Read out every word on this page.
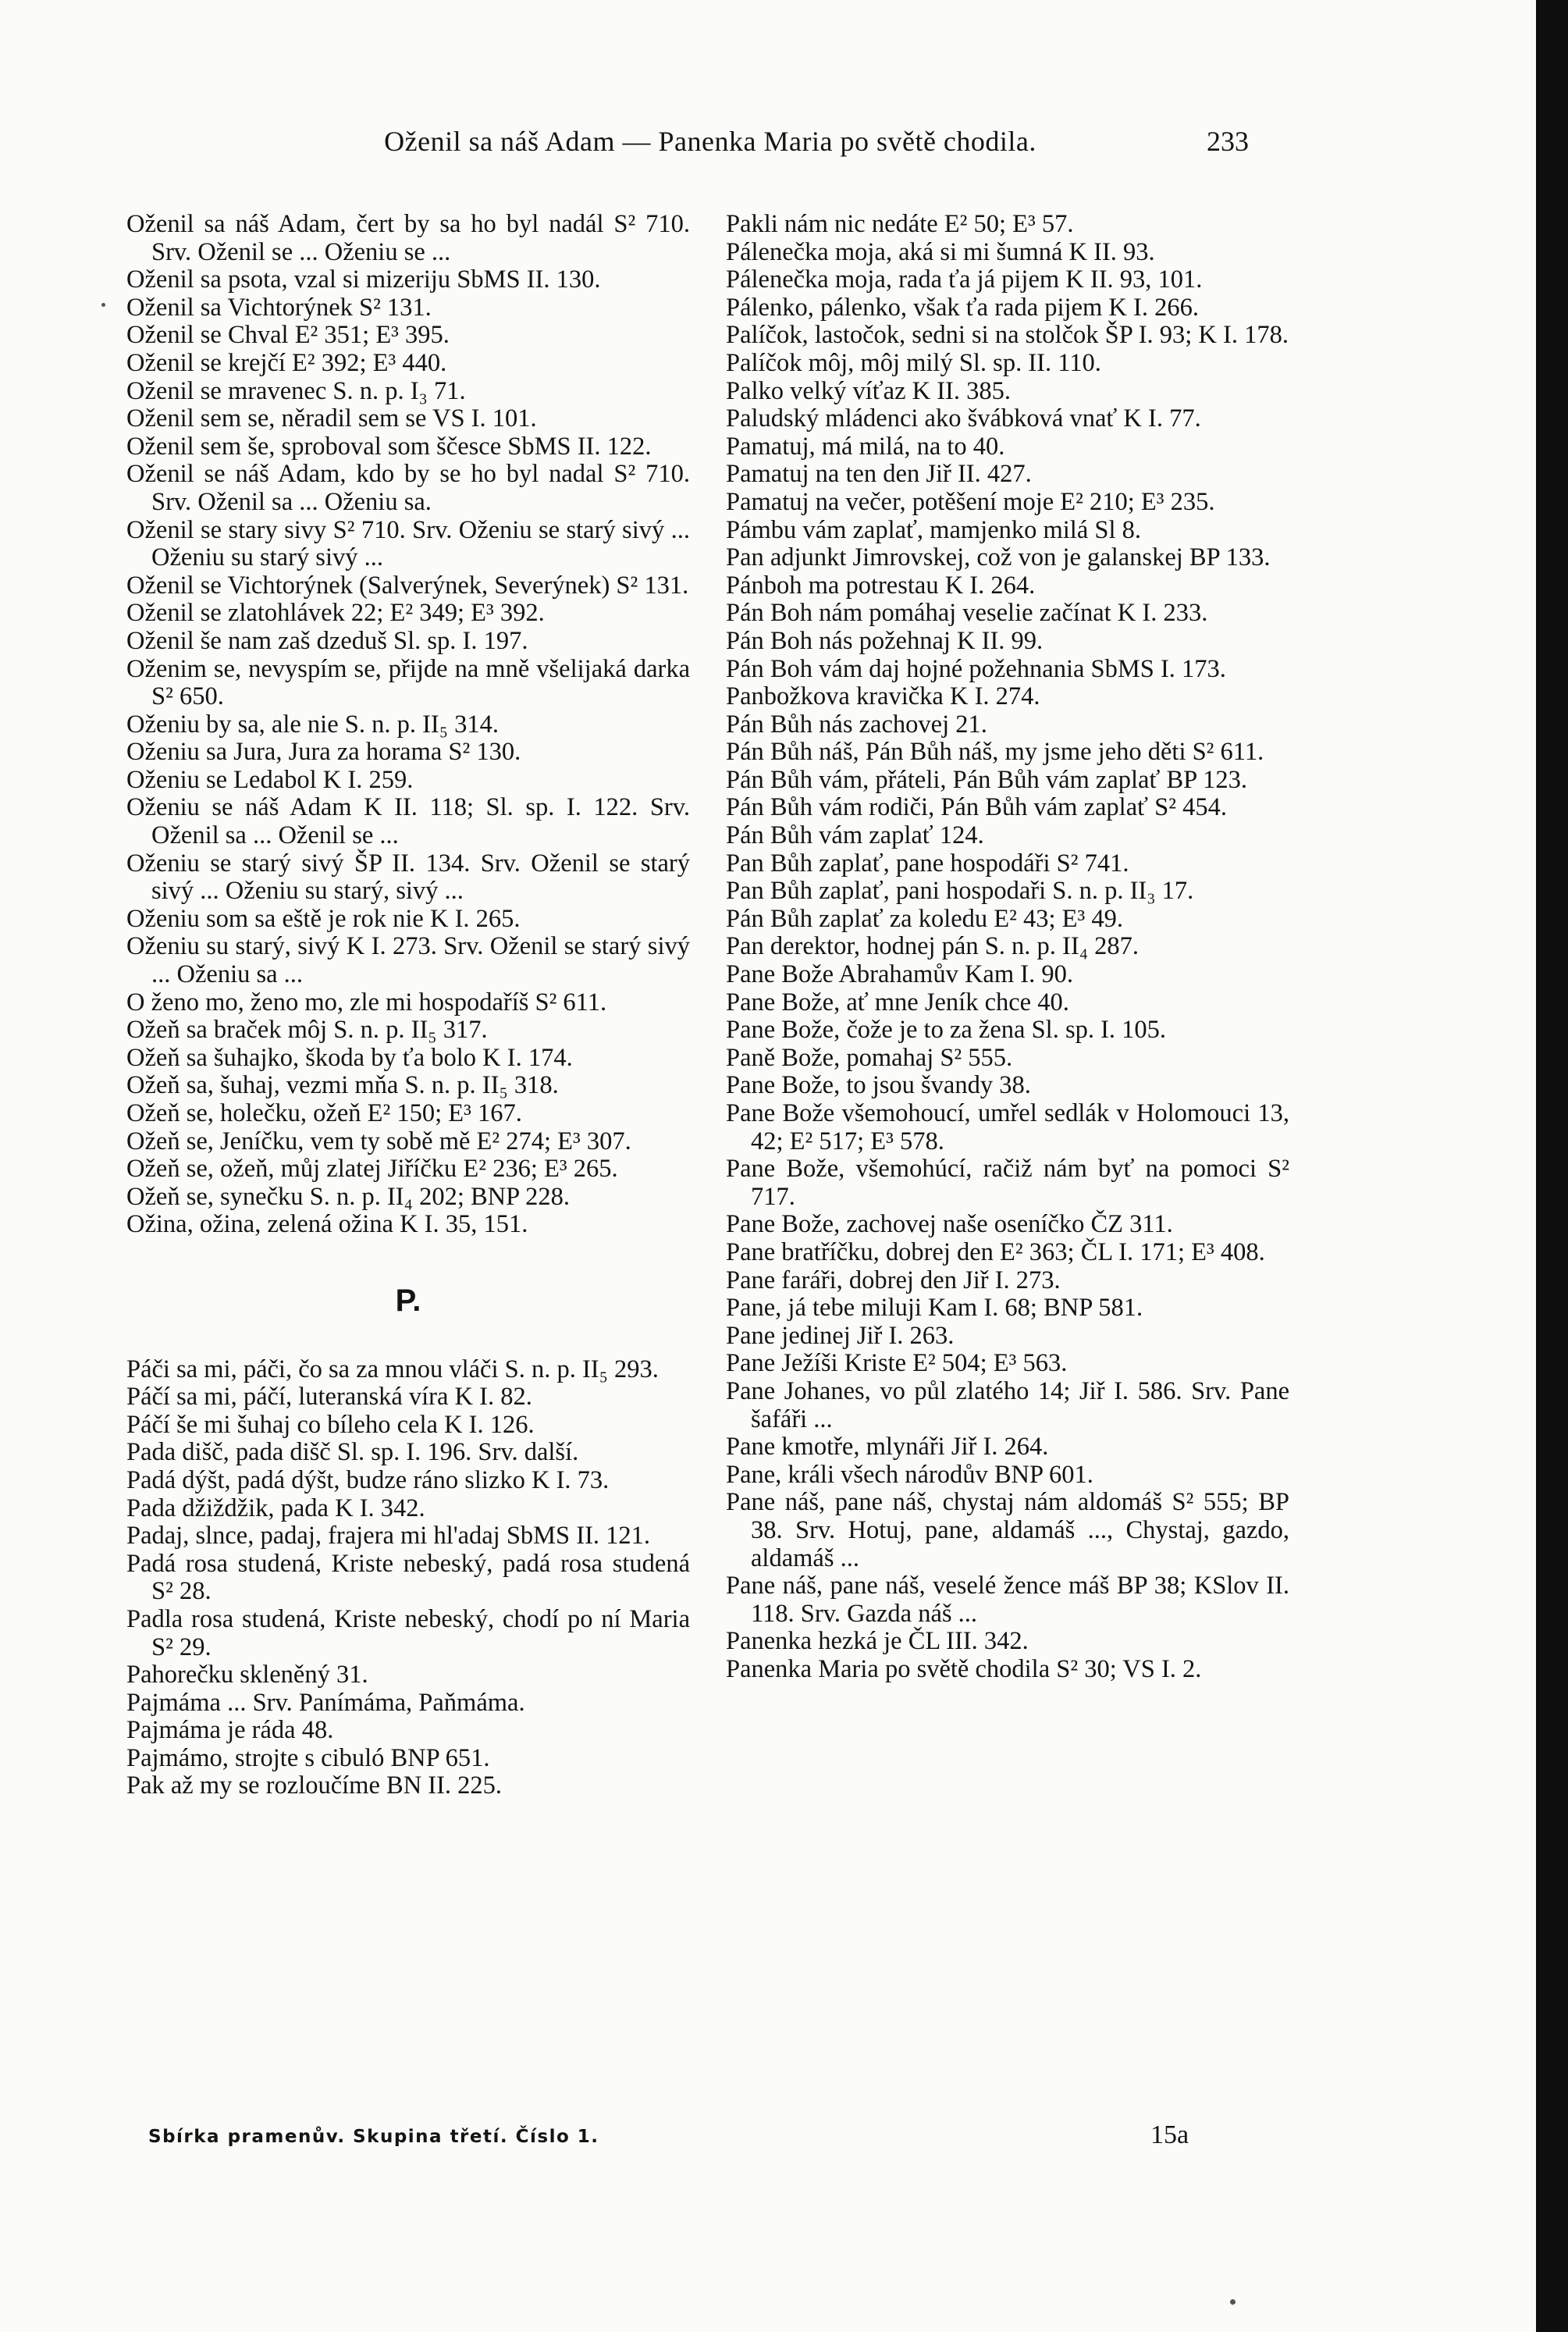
Oženil sa náš Adam — Panenka Maria po světě chodila.	233

Oženil sa náš Adam, čert by sa ho byl nadál S² 710. Srv. Oženil se ... Oženiu se ...

Oženil sa psota, vzal si mizeriju SbMS II. 130.

Oženil sa Vichtorýnek S² 131.

Oženil se Chval E² 351; E³ 395.

Oženil se krejčí E² 392; E³ 440.

Oženil se mravenec S. n. p. I₃ 71.

Oženil sem se, něradil sem se VS I. 101.

Oženil sem še, sproboval som ščesce SbMS II. 122.

Oženil se náš Adam, kdo by se ho byl nadal S² 710. Srv. Oženil sa ... Oženiu sa.

Oženil se stary sivy S² 710. Srv. Oženiu se starý sivý ... Oženiu su starý sivý ...

Oženil se Vichtorýnek (Salverýnek, Severýnek) S² 131.

Oženil se zlatohlávek 22; E² 349; E³ 392.

Oženil še nam zaš dzeduš Sl. sp. I. 197.

Oženim se, nevyspím se, přijde na mně všelijaká darka S² 650.

Oženiu by sa, ale nie S. n. p. II₅ 314.

Oženiu sa Jura, Jura za horama S² 130.

Oženiu se Ledabol K I. 259.

Oženiu se náš Adam K II. 118; Sl. sp. I. 122. Srv. Oženil sa ... Oženil se ...

Oženiu se starý sivý ŠP II. 134. Srv. Oženil se starý sivý ... Oženiu su starý, sivý ...

Oženiu som sa eště je rok nie K I. 265.

Oženiu su starý, sivý K I. 273. Srv. Oženil se starý sivý ... Oženiu sa ...

O ženo mo, ženo mo, zle mi hospodaříš S² 611.

Ožeň sa braček môj S. n. p. II₅ 317.

Ožeň sa šuhajko, škoda by ťa bolo K I. 174.

Ožeň sa, šuhaj, vezmi mňa S. n. p. II₅ 318.

Ožeň se, holečku, ožeň E² 150; E³ 167.

Ožeň se, Jeníčku, vem ty sobě mě E² 274; E³ 307.

Ožeň se, ožeň, můj zlatej Jiříčku E² 236; E³ 265.

Ožeň se, synečku S. n. p. II₄ 202; BNP 228.

Ožina, ožina, zelená ožina K I. 35, 151.

P.

Páči sa mi, páči, čo sa za mnou vláči S. n. p. II₅ 293.

Páčí sa mi, páčí, luteranská víra K I. 82.

Páčí še mi šuhaj co bíleho cela K I. 126.

Pada dišč, pada dišč Sl. sp. I. 196. Srv. další.

Padá dýšt, padá dýšt, budze ráno slizko K I. 73.

Pada džiždžik, pada K I. 342.

Padaj, slnce, padaj, frajera mi hl'adaj SbMS II. 121.

Padá rosa studená, Kriste nebeský, padá rosa studená S² 28.

Padla rosa studená, Kriste nebeský, chodí po ní Maria S² 29.

Pahorečku skleněný 31.

Pajmáma ... Srv. Panímáma, Paňmáma.

Pajmáma je ráda 48.

Pajmámo, strojte s cibuló BNP 651.

Pak až my se rozloučíme BN II. 225.

Pakli nám nic nedáte E² 50; E³ 57.

Pálenečka moja, aká si mi šumná K II. 93.

Pálenečka moja, rada ťa já pijem K II. 93, 101.

Pálenko, pálenko, však ťa rada pijem K I. 266.

Palíčok, lastočok, sedni si na stolčok ŠP I. 93; K I. 178.

Palíčok môj, môj milý Sl. sp. II. 110.

Palko velký víťaz K II. 385.

Paludský mládenci ako švábková vnať K I. 77.

Pamatuj, má milá, na to 40.

Pamatuj na ten den Jiř II. 427.

Pamatuj na večer, potěšení moje E² 210; E³ 235.

Pámbu vám zaplať, mamjenko milá Sl 8.

Pan adjunkt Jimrovskej, což von je galanskej BP 133.

Pánboh ma potrestau K I. 264.

Pán Boh nám pomáhaj veselie začínat K I. 233.

Pán Boh nás požehnaj K II. 99.

Pán Boh vám daj hojné požehnania SbMS I. 173.

Panbožkova kravička K I. 274.

Pán Bůh nás zachovej 21.

Pán Bůh náš, Pán Bůh náš, my jsme jeho děti S² 611.

Pán Bůh vám, přáteli, Pán Bůh vám zaplať BP 123.

Pán Bůh vám rodiči, Pán Bůh vám zaplať S² 454.

Pán Bůh vám zaplať 124.

Pan Bůh zaplať, pane hospodáři S² 741.

Pan Bůh zaplať, pani hospodaři S. n. p. II₃ 17.

Pán Bůh zaplať za koledu E² 43; E³ 49.

Pan derektor, hodnej pán S. n. p. II₄ 287.

Pane Bože Abrahamův Kam I. 90.

Pane Bože, ať mne Jeník chce 40.

Pane Bože, čože je to za žena Sl. sp. I. 105.

Paně Bože, pomahaj S² 555.

Pane Bože, to jsou švandy 38.

Pane Bože všemohoucí, umřel sedlák v Holomouci 13, 42; E² 517; E³ 578.

Pane Bože, všemohúcí, račiž nám byť na pomoci S² 717.

Pane Bože, zachovej naše oseníčko ČZ 311.

Pane bratříčku, dobrej den E² 363; ČL I. 171; E³ 408.

Pane faráři, dobrej den Jiř I. 273.

Pane, já tebe miluji Kam I. 68; BNP 581.

Pane jedinej Jiř I. 263.

Pane Ježíši Kriste E² 504; E³ 563.

Pane Johanes, vo půl zlatého 14; Jiř I. 586. Srv. Pane šafáři ...

Pane kmotře, mlynáři Jiř I. 264.

Pane, králi všech národův BNP 601.

Pane náš, pane náš, chystaj nám aldomáš S² 555; BP 38. Srv. Hotuj, pane, aldamáš ..., Chystaj, gazdo, aldamáš ...

Pane náš, pane náš, veselé žence máš BP 38; KSlov II. 118. Srv. Gazda náš ...

Panenka hezká je ČL III. 342.

Panenka Maria po světě chodila S² 30; VS I. 2.

Sbírka pramenův. Skupina třetí. Číslo 1.	15a
